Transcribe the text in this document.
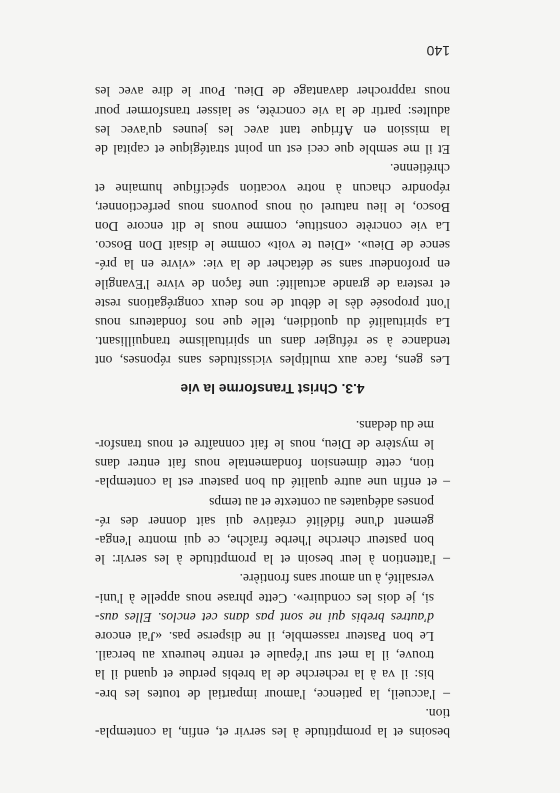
besoins et la promptitude à les servir et, enfin, la contempla-
tion.
– l'accueil, la patience, l'amour impartial de toutes les bre-
bis: il va à la recherche de la brebis perdue et quand il la
trouve, il la met sur l'épaule et rentre heureux au bercail.
Le bon Pasteur rassemble, il ne disperse pas. «J'ai encore
d'autres brebis qui ne sont pas dans cet enclos. Elles aus-
si, je dois les conduire». Cette phrase nous appelle à l'uni-
versalité, à un amour sans frontière.
– l'attention à leur besoin et la promptitude à les servir: le
bon pasteur cherche l'herbe fraîche, ce qui montre l'enga-
gement d'une fidélité créative qui sait donner des ré-
ponses adéquates au contexte et au temps
– et enfin une autre qualité du bon pasteur est la contempla-
tion, cette dimension fondamentale nous fait entrer dans
le mystère de Dieu, nous le fait connaître et nous transfor-
me du dedans.
4.3. Christ Transforme la vie
Les gens, face aux multiples vicissitudes sans réponses, ont
tendance à se réfugier dans un spiritualisme tranquillisant.
La spiritualité du quotidien, telle que nos fondateurs nous
l'ont proposée dès le début de nos deux congrégations reste
et restera de grande actualité: une façon de vivre l'Evangile
en profondeur sans se détacher de la vie: «vivre en la pré-
sence de Dieu». «Dieu te voit» comme le disait Don Bosco.
La vie concrète constitue, comme nous le dit encore Don
Bosco, le lieu naturel où nous pouvons nous perfectionner,
répondre chacun à notre vocation spécifique humaine et
chrétienne.
Et il me semble que ceci est un point stratégique et capital de
la mission en Afrique tant avec les jeunes qu'avec les
adultes: partir de la vie concrète, se laisser transformer pour
nous rapprocher davantage de Dieu. Pour le dire avec les
140
